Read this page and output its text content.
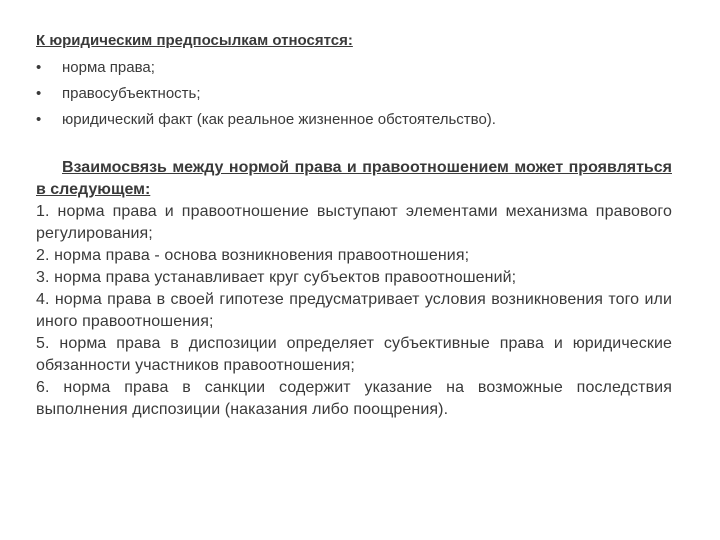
К юридическим предпосылкам относятся:
•	норма права;
•	правосубъектность;
•	юридический факт (как реальное жизненное обстоятельство).
Взаимосвязь между нормой права и правоотношением может проявляться в следующем:

1. норма права и правоотношение выступают элементами механизма правового регулирования;

2. норма права - основа возникновения правоотношения;

3. норма права устанавливает круг субъектов правоотношений;

4. норма права в своей гипотезе предусматривает условия возникновения того или иного правоотношения;

5. норма права в диспозиции определяет субъективные права и юридические обязанности участников правоотношения;

6. норма права в санкции содержит указание на возможные последствия выполнения диспозиции (наказания либо поощрения).
